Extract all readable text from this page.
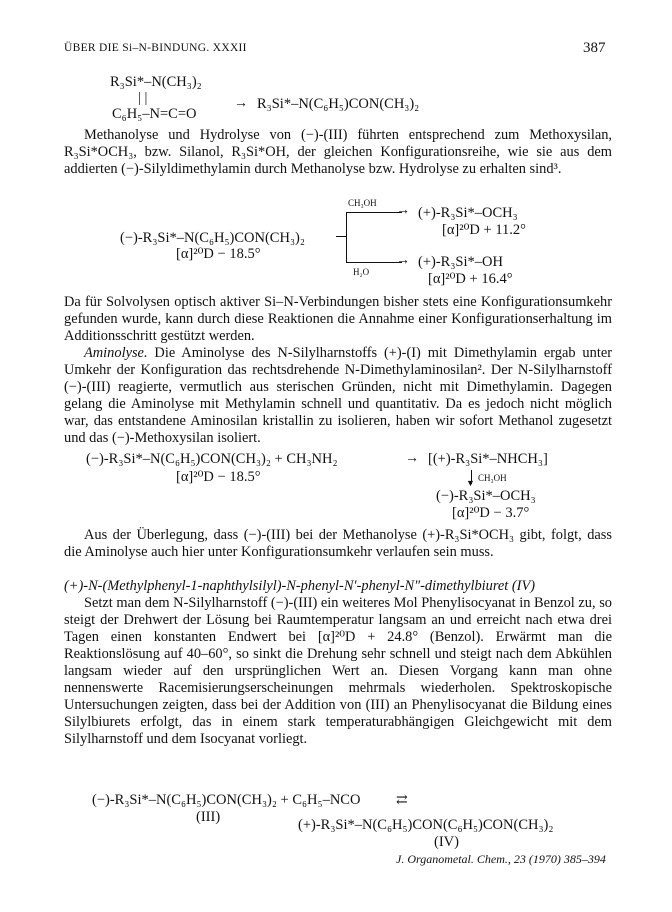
ÜBER DIE Si–N-BINDUNG. XXXII	387
R₃Si*–N(CH₃)₂
| |
C₆H₅–N=C=O
→ R₃Si*–N(C₆H₅)CON(CH₃)₂

Methanolyse und Hydrolyse von (−)-(III) führten entsprechend zum Methoxysilan, R₃Si*OCH₃, bzw. Silanol, R₃Si*OH, der gleichen Konfigurationsreihe, wie sie aus dem addierten (−)-Silyldimethylamin durch Methanolyse bzw. Hydrolyse zu erhalten sind³.

CH₃OH → (+)-R₃Si*–OCH₃
[α]²⁰D + 11.2°
(−)-R₃Si*–N(C₆H₅)CON(CH₃)₂
[α]²⁰D − 18.5°	→ (+)-R₃Si*–OH
H₂O	[α]²⁰D + 16.4°

Da für Solvolysen optisch aktiver Si–N-Verbindungen bisher stets eine Konfigurationsumkehr gefunden wurde, kann durch diese Reaktionen die Annahme einer Konfigurationserhaltung im Additionsschritt gestützt werden.

Aminolyse. Die Aminolyse des N-Silylharnstoffs (+)-(I) mit Dimethylamin ergab unter Umkehr der Konfiguration das rechtsdrehende N-Dimethylaminosilan². Der N-Silylharnstoff (−)-(III) reagierte, vermutlich aus sterischen Gründen, nicht mit Dimethylamin. Dagegen gelang die Aminolyse mit Methylamin schnell und quantitativ. Da es jedoch nicht möglich war, das entstandene Aminosilan kristallin zu isolieren, haben wir sofort Methanol zugesetzt und das (−)-Methoxysilan isoliert.

(−)-R₃Si*–N(C₆H₅)CON(CH₃)₂ + CH₃NH₂	→ [(+)-R₃Si*–NHCH₃]
[α]²⁰D − 18.5°	▼ CH₃OH
(−)-R₃Si*–OCH₃
[α]²⁰D − 3.7°

Aus der Überlegung, dass (−)-(III) bei der Methanolyse (+)-R₃Si*OCH₃ gibt, folgt, dass die Aminolyse auch hier unter Konfigurationsumkehr verlaufen sein muss.

(+)-N-(Methylphenyl-1-naphthylsilyl)-N-phenyl-N′-phenyl-N″-dimethylbiuret (IV)

Setzt man dem N-Silylharnstoff (−)-(III) ein weiteres Mol Phenylisocyanat in Benzol zu, so steigt der Drehwert der Lösung bei Raumtemperatur langsam an und erreicht nach etwa drei Tagen einen konstanten Endwert bei [α]²⁰D + 24.8° (Benzol). Erwärmt man die Reaktionslösung auf 40–60°, so sinkt die Drehung sehr schnell und steigt nach dem Abkühlen langsam wieder auf den ursprünglichen Wert an. Diesen Vorgang kann man ohne nennenswerte Racemisierungserscheinungen mehrmals wiederholen. Spektroskopische Untersuchungen zeigten, dass bei der Addition von (III) an Phenylisocyanat die Bildung eines Silylbiurets erfolgt, das in einem stark temperaturabhängigen Gleichgewicht mit dem Silylharnstoff und dem Isocyanat vorliegt.

(−)-R₃Si*–N(C₆H₅)CON(CH₃)₂ + C₆H₅–NCO	⇄
(III)	(+)-R₃Si*–N(C₆H₅)CON(C₆H₅)CON(CH₃)₂
(IV)
J. Organometal. Chem., 23 (1970) 385–394
